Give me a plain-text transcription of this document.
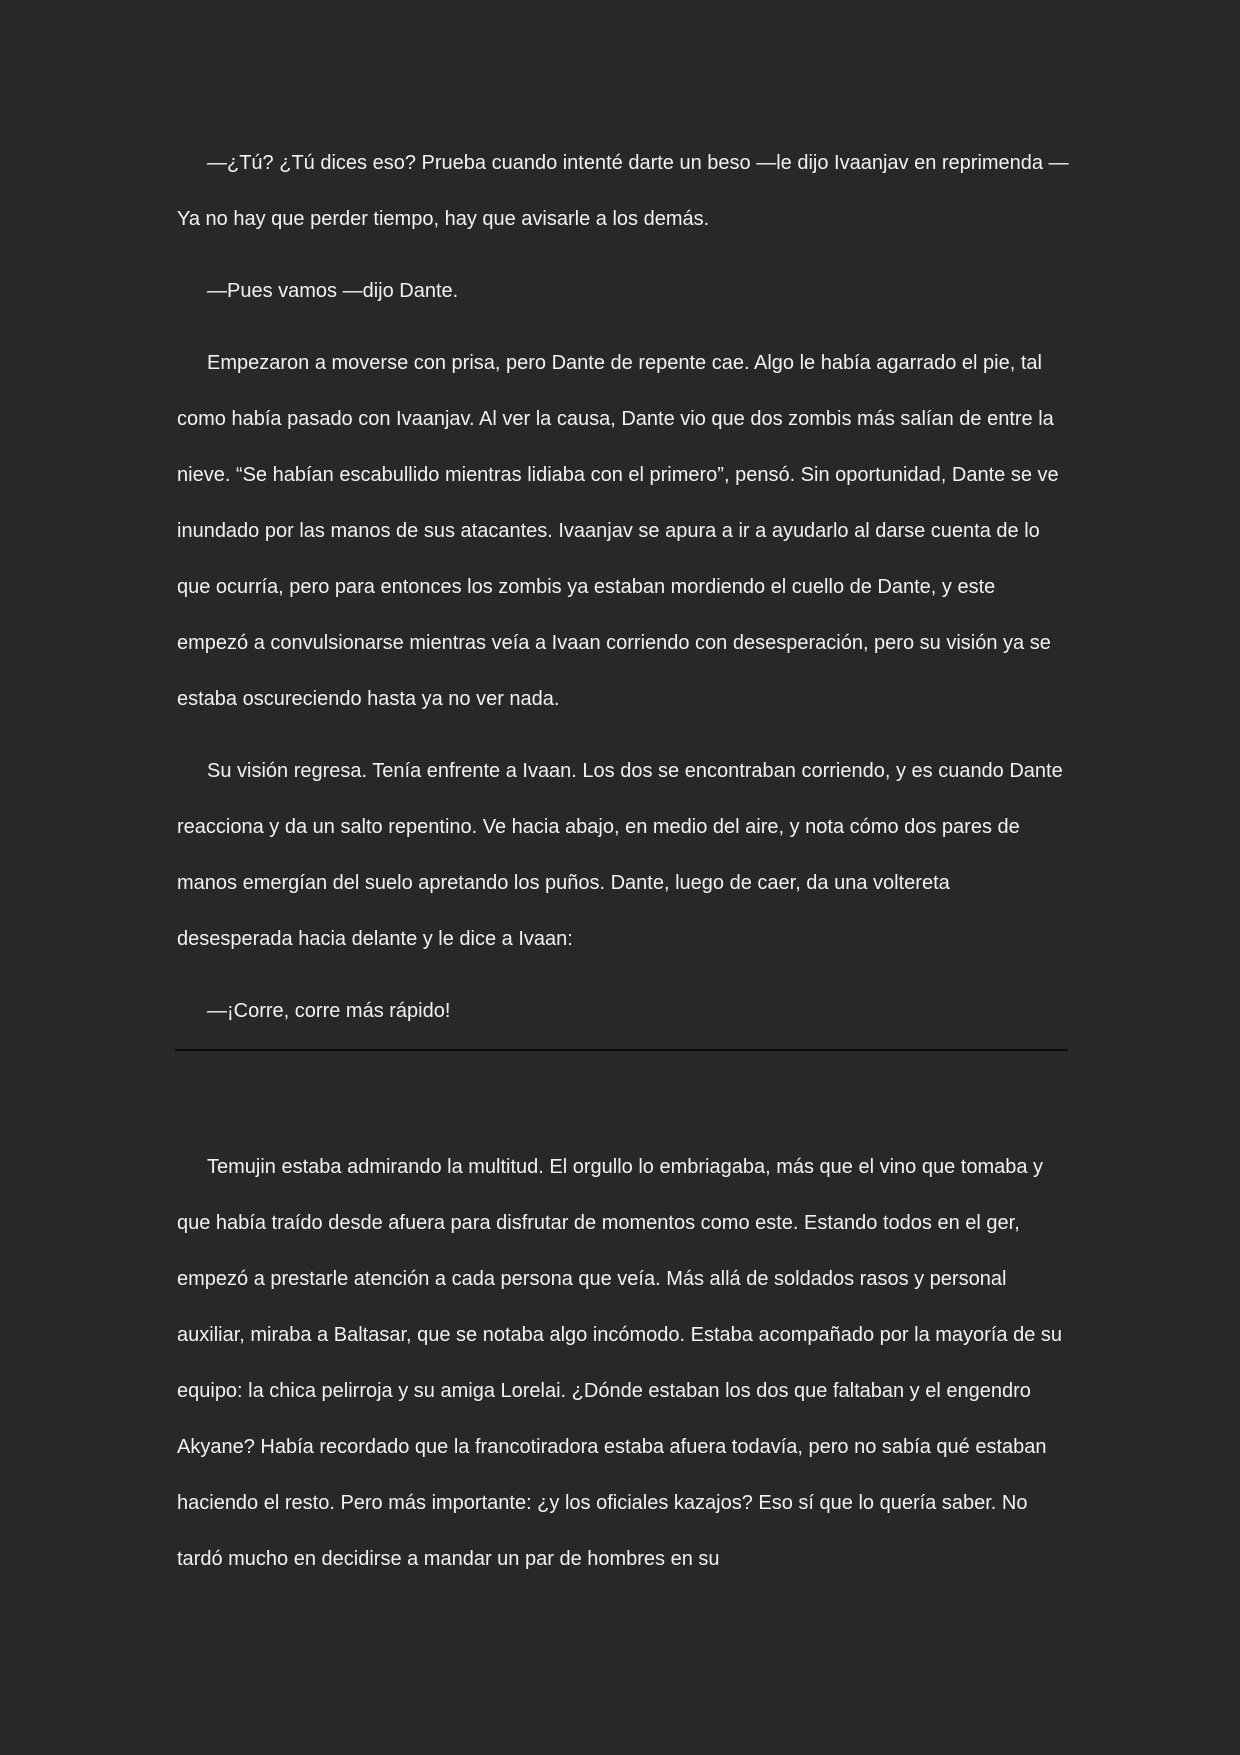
—¿Tú? ¿Tú dices eso? Prueba cuando intenté darte un beso —le dijo Ivaanjav en reprimenda — Ya no hay que perder tiempo, hay que avisarle a los demás.

—Pues vamos —dijo Dante.

Empezaron a moverse con prisa, pero Dante de repente cae. Algo le había agarrado el pie, tal como había pasado con Ivaanjav. Al ver la causa, Dante vio que dos zombis más salían de entre la nieve. “Se habían escabullido mientras lidiaba con el primero”, pensó. Sin oportunidad, Dante se ve inundado por las manos de sus atacantes. Ivaanjav se apura a ir a ayudarlo al darse cuenta de lo que ocurría, pero para entonces los zombis ya estaban mordiendo el cuello de Dante, y este empezó a convulsionarse mientras veía a Ivaan corriendo con desesperación, pero su visión ya se estaba oscureciendo hasta ya no ver nada.

Su visión regresa. Tenía enfrente a Ivaan. Los dos se encontraban corriendo, y es cuando Dante reacciona y da un salto repentino. Ve hacia abajo, en medio del aire, y nota cómo dos pares de manos emergían del suelo apretando los puños. Dante, luego de caer, da una voltereta desesperada hacia delante y le dice a Ivaan:

—¡Corre, corre más rápido!

Temujin estaba admirando la multitud. El orgullo lo embriagaba, más que el vino que tomaba y que había traído desde afuera para disfrutar de momentos como este. Estando todos en el ger, empezó a prestarle atención a cada persona que veía. Más allá de soldados rasos y personal auxiliar, miraba a Baltasar, que se notaba algo incómodo. Estaba acompañado por la mayoría de su equipo: la chica pelirroja y su amiga Lorelai. ¿Dónde estaban los dos que faltaban y el engendro Akyane? Había recordado que la francotiradora estaba afuera todavía, pero no sabía qué estaban haciendo el resto. Pero más importante: ¿y los oficiales kazajos? Eso sí que lo quería saber. No tardó mucho en decidirse a mandar un par de hombres en su
